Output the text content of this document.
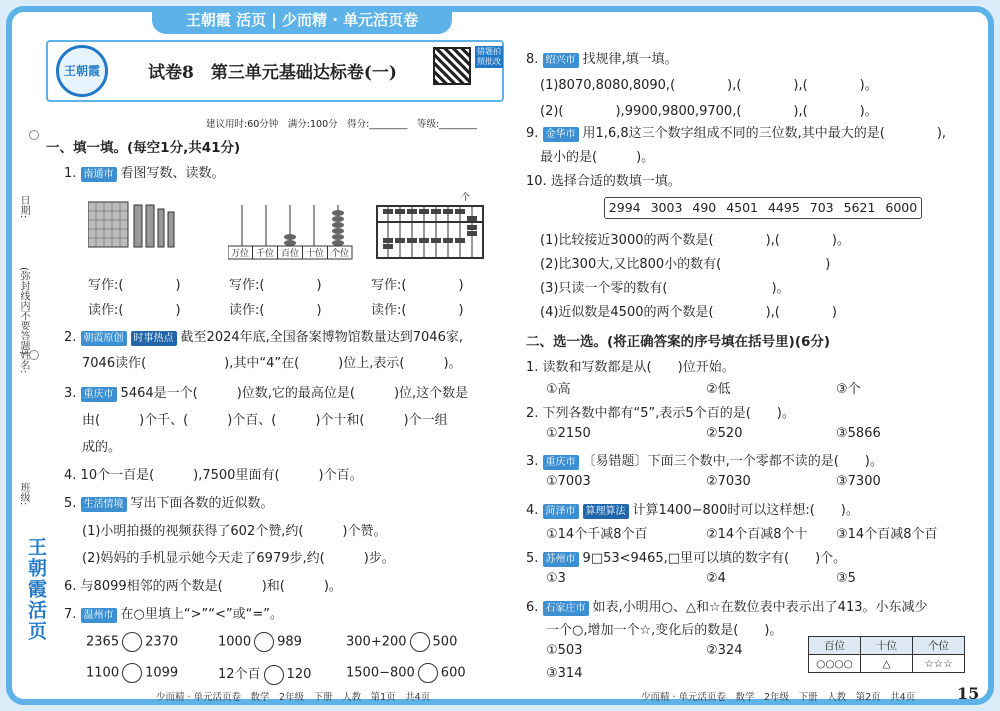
王朝霞 活页 | 少而精 · 单元活页卷
日期:
(弥封线内不要答题)
姓名:
班级:
王朝霞活页
王朝霞	试卷8　第三单元基础达标卷(一)
错题拍照批改
建议用时:60分钟　满分:100分　得分:________　等级:________
一、填一填。(每空1分,共41分)
1. 南通市 看图写数、读数。
万位 千位 百位 十位 个位
个
写作:(　　　　)	写作:(　　　　)	写作:(　　　　)
读作:(　　　　)	读作:(　　　　)	读作:(　　　　)
2. 朝霞原创 时事热点 截至2024年底,全国备案博物馆数量达到7046家,
7046读作(　　　　　　),其中“4”在(　　　)位上,表示(　　　)。
3. 重庆市 5464是一个(　　　)位数,它的最高位是(　　　)位,这个数是
由(　　　)个千、(　　　)个百、(　　　)个十和(　　　)个一组
成的。
4. 10个一百是(　　　),7500里面有(　　　)个百。
5. 生活情境 写出下面各数的近似数。
(1)小明拍摄的视频获得了602个赞,约(　　　)个赞。
(2)妈妈的手机显示她今天走了6979步,约(　　　)步。
6. 与8099相邻的两个数是(　　　)和(　　　)。
7. 温州市 在○里填上“>”“<”或“=”。
2365 2370	1000 989	300+200 500
1100 1099	12个百 120	1500−800 600
少而精 · 单元活页卷　数学　2年级　下册　人教　第1页　共4页
8. 绍兴市 找规律,填一填。
(1)8070,8080,8090,(　　　　),(　　　　),(　　　　)。
(2)(　　　　),9900,9800,9700,(　　　　),(　　　　)。
9. 金华市 用1,6,8这三个数字组成不同的三位数,其中最大的是(　　　　),
最小的是(　　　)。
10. 选择合适的数填一填。
2994 3003 490 4501 4495 703 5621 6000
(1)比较接近3000的两个数是(　　　　),(　　　　)。
(2)比300大,又比800小的数有(　　　　　　　　)
(3)只读一个零的数有(　　　　　　　　)。
(4)近似数是4500的两个数是(　　　　),(　　　　)
二、选一选。(将正确答案的序号填在括号里)(6分)
1. 读数和写数都是从(　　)位开始。
①高	②低	③个
2. 下列各数中都有“5”,表示5个百的是(　　)。
①2150	②520	③5866
3. 重庆市 〔易错题〕下面三个数中,一个零都不读的是(　　)。
①7003	②7030	③7300
4. 菏泽市 算理算法 计算1400−800时可以这样想:(　　)。
①14个千减8个百	②14个百减8个十 ③14个百减8个百
5. 苏州市 9□53<9465,□里可以填的数字有(　　)个。
①3	②4	③5
6. 石家庄市 如表,小明用○、△和☆在数位表中表示出了413。小东减少
一个○,增加一个☆,变化后的数是(　　)。
①503	②324
③314
百位	十位	个位
○○○○	△	☆☆☆
少而精 · 单元活页卷　数学　2年级　下册　人教　第2页　共4页	15
